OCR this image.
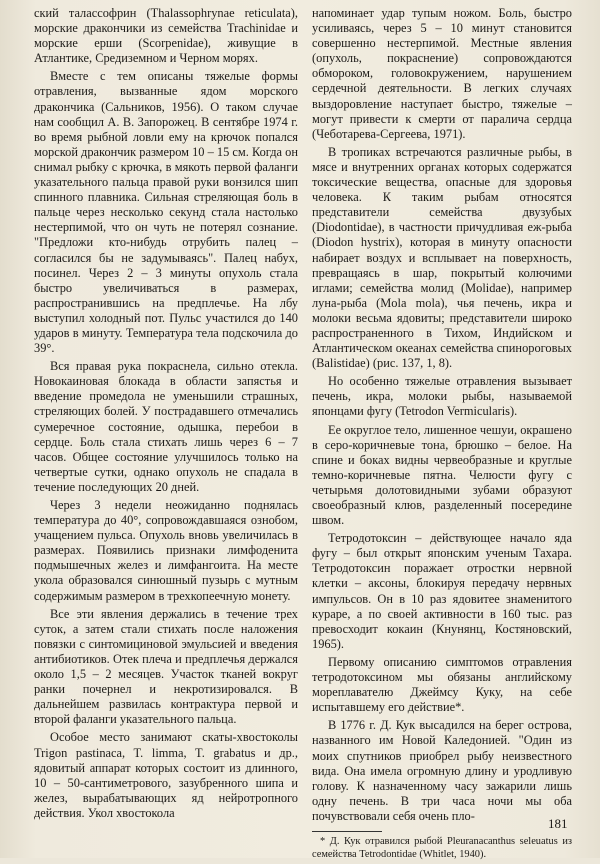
ский талассофрин (Thalassophrynae reticulata), морские дракончики из семейства Trachinidae и морские ерши (Scorpenidae), живущие в Атлантике, Средиземном и Черном морях.

Вместе с тем описаны тяжелые формы отравления, вызванные ядом морского дракончика (Сальников, 1956). О таком случае нам сообщил А. В. Запорожец. В сентябре 1974 г. во время рыбной ловли ему на крючок попался морской дракончик размером 10 – 15 см. Когда он снимал рыбку с крючка, в мякоть первой фаланги указательного пальца правой руки вонзился шип спинного плавника. Сильная стреляющая боль в пальце через несколько секунд стала настолько нестерпимой, что он чуть не потерял сознание. "Предложи кто-нибудь отрубить палец – согласился бы не задумываясь". Палец набух, посинел. Через 2 – 3 минуты опухоль стала быстро увеличиваться в размерах, распространившись на предплечье. На лбу выступил холодный пот. Пульс участился до 140 ударов в минуту. Температура тела подскочила до 39°.

Вся правая рука покраснела, сильно отекла. Новокаиновая блокада в области запястья и введение промедола не уменьшили страшных, стреляющих болей. У пострадавшего отмечались сумеречное состояние, одышка, перебои в сердце. Боль стала стихать лишь через 6 – 7 часов. Общее состояние улучшилось только на четвертые сутки, однако опухоль не спадала в течение последующих 20 дней.

Через 3 недели неожиданно поднялась температура до 40°, сопровождавшаяся ознобом, учащением пульса. Опухоль вновь увеличилась в размерах. Появились признаки лимфоденита подмышечных желез и лимфангоита. На месте укола образовался синюшный пузырь с мутным содержимым размером в трехкопеечную монету.

Все эти явления держались в течение трех суток, а затем стали стихать после наложения повязки с синтомициновой эмульсией и введения антибиотиков. Отек плеча и предплечья держался около 1,5 – 2 месяцев. Участок тканей вокруг ранки почернел и некротизировался. В дальнейшем развилась контрактура первой и второй фаланги указательного пальца.

Особое место занимают скаты-хвостоколы Trigon pastinaca, T. limma, T. grabatus и др., ядовитый аппарат которых состоит из длинного, 10 – 50-сантиметрового, зазубренного шипа и желез, вырабатывающих яд нейротропного действия. Укол хвостокола

напоминает удар тупым ножом. Боль, быстро усиливаясь, через 5 – 10 минут становится совершенно нестерпимой. Местные явления (опухоль, покраснение) сопровождаются обмороком, головокружением, нарушением сердечной деятельности. В легких случаях выздоровление наступает быстро, тяжелые – могут привести к смерти от паралича сердца (Чеботарева-Сергеева, 1971).

В тропиках встречаются различные рыбы, в мясе и внутренних органах которых содержатся токсические вещества, опасные для здоровья человека. К таким рыбам относятся представители семейства двузубых (Diodontidae), в частности причудливая еж-рыба (Diodon hystrix), которая в минуту опасности набирает воздух и всплывает на поверхность, превращаясь в шар, покрытый колючими иглами; семейства молид (Molidae), например луна-рыба (Mola mola), чья печень, икра и молоки весьма ядовиты; представители широко распространенного в Тихом, Индийском и Атлантическом океанах семейства спинороговых (Balistidae) (рис. 137, 1, 8).

Но особенно тяжелые отравления вызывает печень, икра, молоки рыбы, называемой японцами фугу (Tetrodon Vermicularis).

Ее округлое тело, лишенное чешуи, окрашено в серо-коричневые тона, брюшко – белое. На спине и боках видны червеобразные и круглые темно-коричневые пятна. Челюсти фугу с четырьмя долотовидными зубами образуют своеобразный клюв, разделенный посередине швом.

Тетродотоксин – действующее начало яда фугу – был открыт японским ученым Тахара. Тетродотоксин поражает отростки нервной клетки – аксоны, блокируя передачу нервных импульсов. Он в 10 раз ядовитее знаменитого кураре, а по своей активности в 160 тыс. раз превосходит кокаин (Кнунянц, Костяновский, 1965).

Первому описанию симптомов отравления тетродотоксином мы обязаны английскому мореплавателю Джеймсу Куку, на себе испытавшему его действие*.

В 1776 г. Д. Кук высадился на берег острова, названного им Новой Каледонией. "Один из моих спутников приобрел рыбу неизвестного вида. Она имела огромную длину и уродливую голову. К назначенному часу зажарили лишь одну печень. В три часа ночи мы оба почувствовали себя очень пло-

* Д. Кук отравился рыбой Pleuranacanthus seleuatus из семейства Tetrodontidae (Whitlet, 1940).

181
